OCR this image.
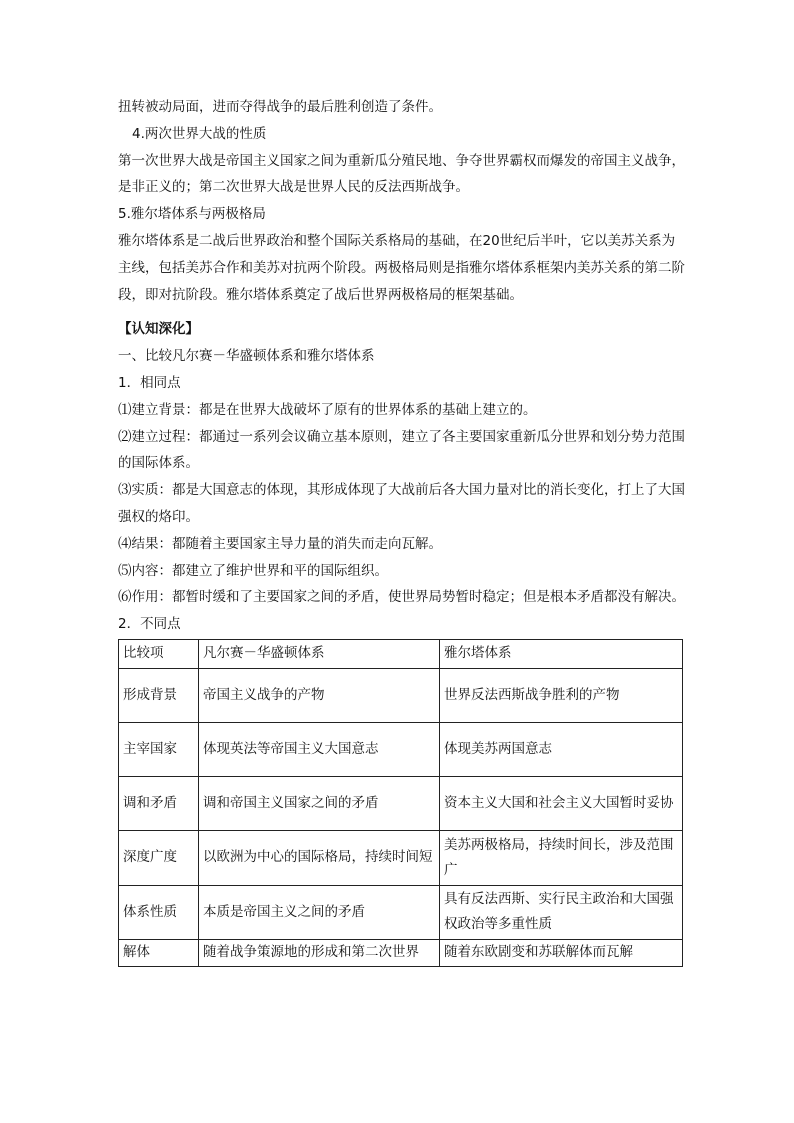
扭转被动局面，进而夺得战争的最后胜利创造了条件。

4.两次世界大战的性质

第一次世界大战是帝国主义国家之间为重新瓜分殖民地、争夺世界霸权而爆发的帝国主义战争，是非正义的；第二次世界大战是世界人民的反法西斯战争。

5.雅尔塔体系与两极格局

雅尔塔体系是二战后世界政治和整个国际关系格局的基础，在20世纪后半叶，它以美苏关系为主线，包括美苏合作和美苏对抗两个阶段。两极格局则是指雅尔塔体系框架内美苏关系的第二阶段，即对抗阶段。雅尔塔体系奠定了战后世界两极格局的框架基础。

【认知深化】

一、比较凡尔赛－华盛顿体系和雅尔塔体系

1．相同点

⑴建立背景：都是在世界大战破坏了原有的世界体系的基础上建立的。

⑵建立过程：都通过一系列会议确立基本原则，建立了各主要国家重新瓜分世界和划分势力范围的国际体系。

⑶实质：都是大国意志的体现，其形成体现了大战前后各大国力量对比的消长变化，打上了大国强权的烙印。

⑷结果：都随着主要国家主导力量的消失而走向瓦解。

⑸内容：都建立了维护世界和平的国际组织。

⑹作用：都暂时缓和了主要国家之间的矛盾，使世界局势暂时稳定；但是根本矛盾都没有解决。

2．不同点

比较项	凡尔赛－华盛顿体系	雅尔塔体系
形成背景	帝国主义战争的产物	世界反法西斯战争胜利的产物
主宰国家	体现英法等帝国主义大国意志	体现美苏两国意志
调和矛盾	调和帝国主义国家之间的矛盾	资本主义大国和社会主义大国暂时妥协
深度广度	以欧洲为中心的国际格局，持续时间短	美苏两极格局，持续时间长，涉及范围广
体系性质	本质是帝国主义之间的矛盾	具有反法西斯、实行民主政治和大国强权政治等多重性质
解体	随着战争策源地的形成和第二次世界	随着东欧剧变和苏联解体而瓦解
